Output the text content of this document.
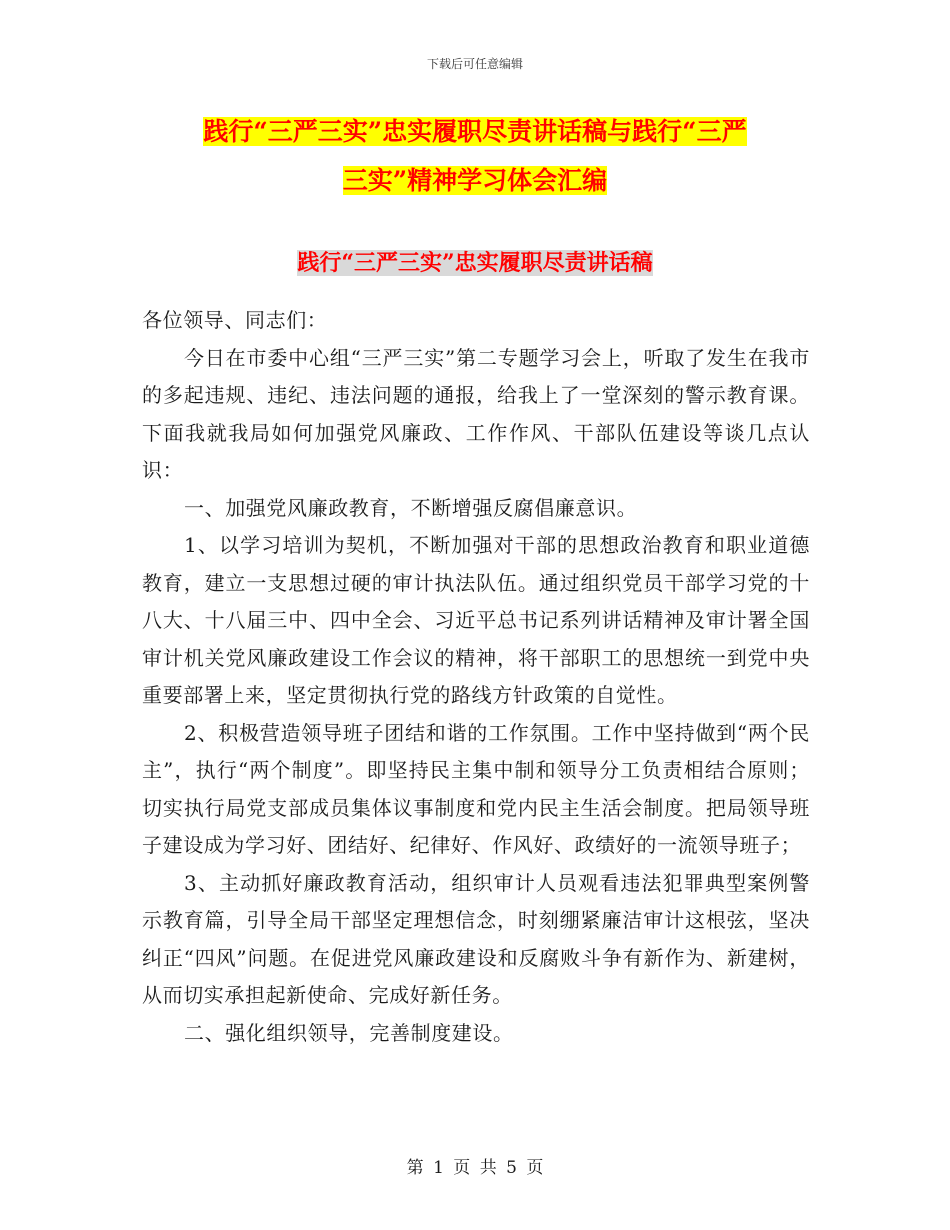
下载后可任意编辑
践行“三严三实”忠实履职尽责讲话稿与践行“三严
三实”精神学习体会汇编
践行“三严三实”忠实履职尽责讲话稿

各位领导、同志们：

今日在市委中心组“三严三实”第二专题学习会上，听取了发生在我市的多起违规、违纪、违法问题的通报，给我上了一堂深刻的警示教育课。下面我就我局如何加强党风廉政、工作作风、干部队伍建设等谈几点认识：

一、加强党风廉政教育，不断增强反腐倡廉意识。

1、以学习培训为契机，不断加强对干部的思想政治教育和职业道德教育，建立一支思想过硬的审计执法队伍。通过组织党员干部学习党的十八大、十八届三中、四中全会、习近平总书记系列讲话精神及审计署全国审计机关党风廉政建设工作会议的精神，将干部职工的思想统一到党中央重要部署上来，坚定贯彻执行党的路线方针政策的自觉性。

2、积极营造领导班子团结和谐的工作氛围。工作中坚持做到“两个民主”，执行“两个制度”。即坚持民主集中制和领导分工负责相结合原则；切实执行局党支部成员集体议事制度和党内民主生活会制度。把局领导班子建设成为学习好、团结好、纪律好、作风好、政绩好的一流领导班子；

3、主动抓好廉政教育活动，组织审计人员观看违法犯罪典型案例警示教育篇，引导全局干部坚定理想信念，时刻绷紧廉洁审计这根弦，坚决纠正“四风”问题。在促进党风廉政建设和反腐败斗争有新作为、新建树，从而切实承担起新使命、完成好新任务。

二、强化组织领导，完善制度建设。

第 1 页 共 5 页
